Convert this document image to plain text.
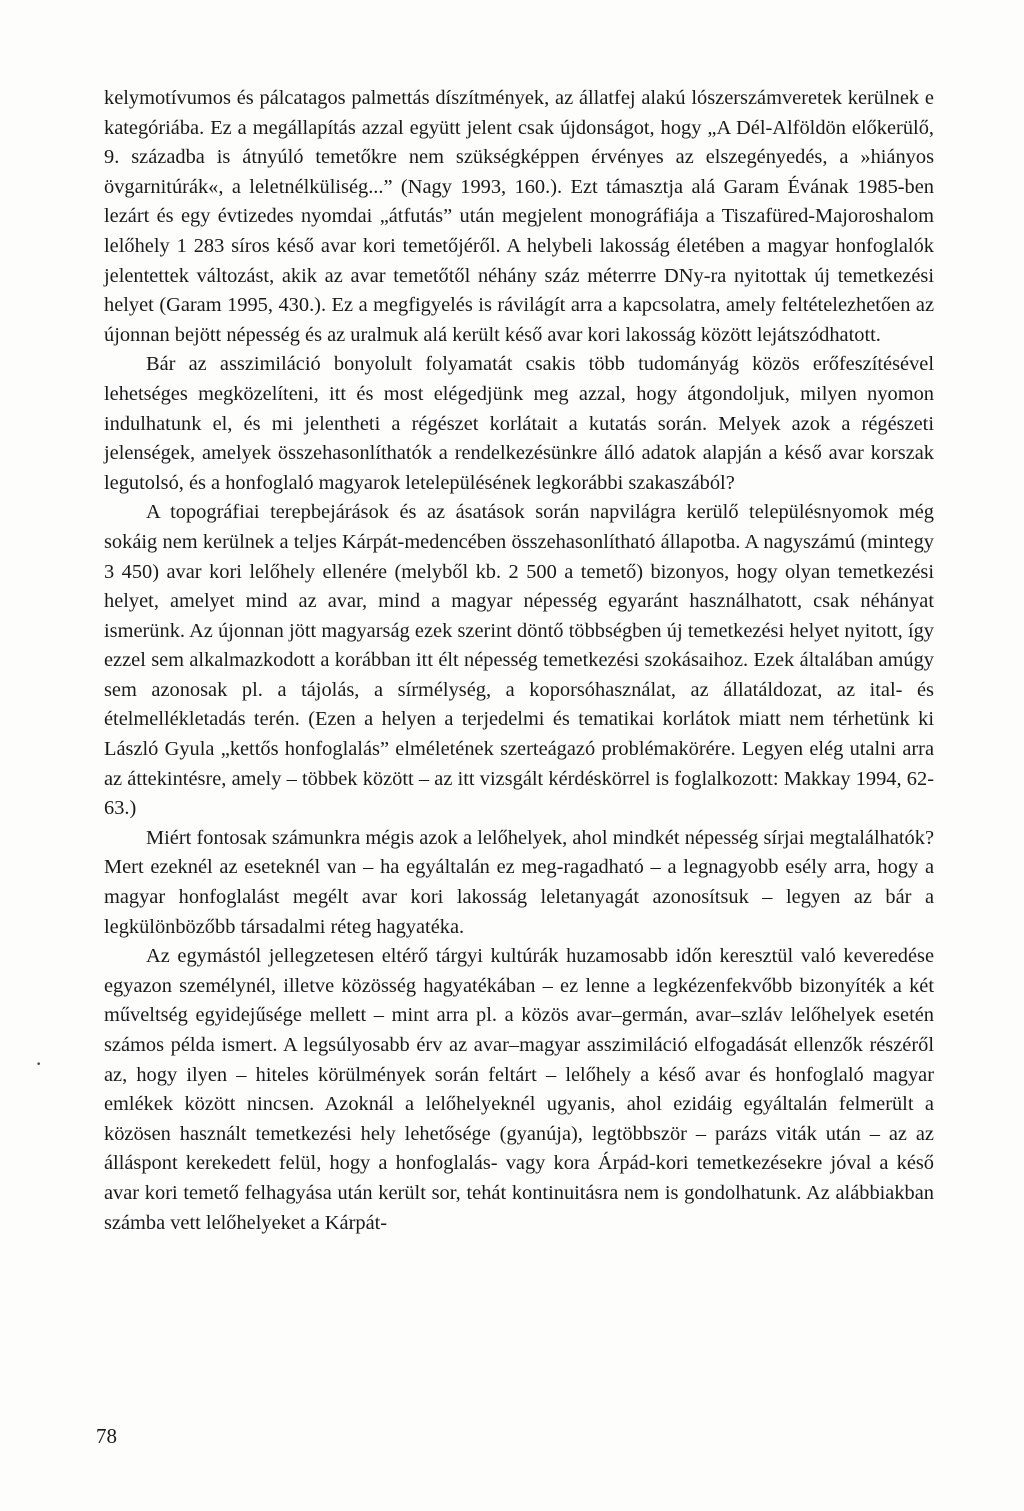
kelymotívumos és pálcatagos palmettás díszítmények, az állatfej alakú lószerszámveretek kerülnek e kategóriába. Ez a megállapítás azzal együtt jelent csak újdonságot, hogy „A Dél-Alföldön előkerülő, 9. századba is átnyúló temetőkre nem szükségképpen érvényes az elszegényedés, a »hiányos övgarnitúrák«, a leletnélküliség...” (Nagy 1993, 160.). Ezt támasztja alá Garam Évának 1985-ben lezárt és egy évtizedes nyomdai „átfutás” után megjelent monográfiája a Tiszafüred-Majoroshalom lelőhely 1 283 síros késő avar kori temetőjéről. A helybeli lakosság életében a magyar honfoglalók jelentettek változást, akik az avar temetőtől néhány száz méterrre DNy-ra nyitottak új temetkezési helyet (Garam 1995, 430.). Ez a megfigyelés is rávilágít arra a kapcsolatra, amely feltételezhetően az újonnan bejött népesség és az uralmuk alá került késő avar kori lakosság között lejátszódhatott.

Bár az asszimiláció bonyolult folyamatát csakis több tudományág közös erőfeszítésével lehetséges megközelíteni, itt és most elégedjünk meg azzal, hogy átgondoljuk, milyen nyomon indulhatunk el, és mi jelentheti a régészet korlátait a kutatás során. Melyek azok a régészeti jelenségek, amelyek összehasonlíthatók a rendelkezésünkre álló adatok alapján a késő avar korszak legutolsó, és a honfoglaló magyarok letelepülésének legkorábbi szakaszából?

A topográfiai terepbejárások és az ásatások során napvilágra kerülő településnyomok még sokáig nem kerülnek a teljes Kárpát-medencében összehasonlítható állapotba. A nagyszámú (mintegy 3 450) avar kori lelőhely ellenére (melyből kb. 2 500 a temető) bizonyos, hogy olyan temetkezési helyet, amelyet mind az avar, mind a magyar népesség egyaránt használhatott, csak néhányat ismerünk. Az újonnan jött magyarság ezek szerint döntő többségben új temetkezési helyet nyitott, így ezzel sem alkalmazkodott a korábban itt élt népesség temetkezési szokásaihoz. Ezek általában amúgy sem azonosak pl. a tájolás, a sírmélység, a koporsóhasználat, az állatáldozat, az ital- és ételmellékletadás terén. (Ezen a helyen a terjedelmi és tematikai korlátok miatt nem térhetünk ki László Gyula „kettős honfoglalás” elméletének szerteágazó problémakörére. Legyen elég utalni arra az áttekintésre, amely – többek között – az itt vizsgált kérdéskörrel is foglalkozott: Makkay 1994, 62-63.)

Miért fontosak számunkra mégis azok a lelőhelyek, ahol mindkét népesség sírjai megtalálhatók? Mert ezeknél az eseteknél van – ha egyáltalán ez meg-ragadható – a legnagyobb esély arra, hogy a magyar honfoglalást megélt avar kori lakosság leletanyagát azonosítsuk – legyen az bár a legkülönbözőbb társadalmi réteg hagyatéka.

Az egymástól jellegzetesen eltérő tárgyi kultúrák huzamosabb időn keresztül való keveredése egyazon személynél, illetve közösség hagyatékában – ez lenne a legkézenfekvőbb bizonyíték a két műveltség egyidejűsége mellett – mint arra pl. a közös avar–germán, avar–szláv lelőhelyek esetén számos példa ismert. A legsúlyosabb érv az avar–magyar asszimiláció elfogadását ellenzők részéről az, hogy ilyen – hiteles körülmények során feltárt – lelőhely a késő avar és honfoglaló magyar emlékek között nincsen. Azoknál a lelőhelyeknél ugyanis, ahol ezidáig egyáltalán felmerült a közösen használt temetkezési hely lehetősége (gyanúja), legtöbbször – parázs viták után – az az álláspont kerekedett felül, hogy a honfoglalás- vagy kora Árpád-kori temetkezésekre jóval a késő avar kori temető felhagyása után került sor, tehát kontinuitásra nem is gondolhatunk. Az alábbiakban számba vett lelőhelyeket a Kárpát-

•
78
